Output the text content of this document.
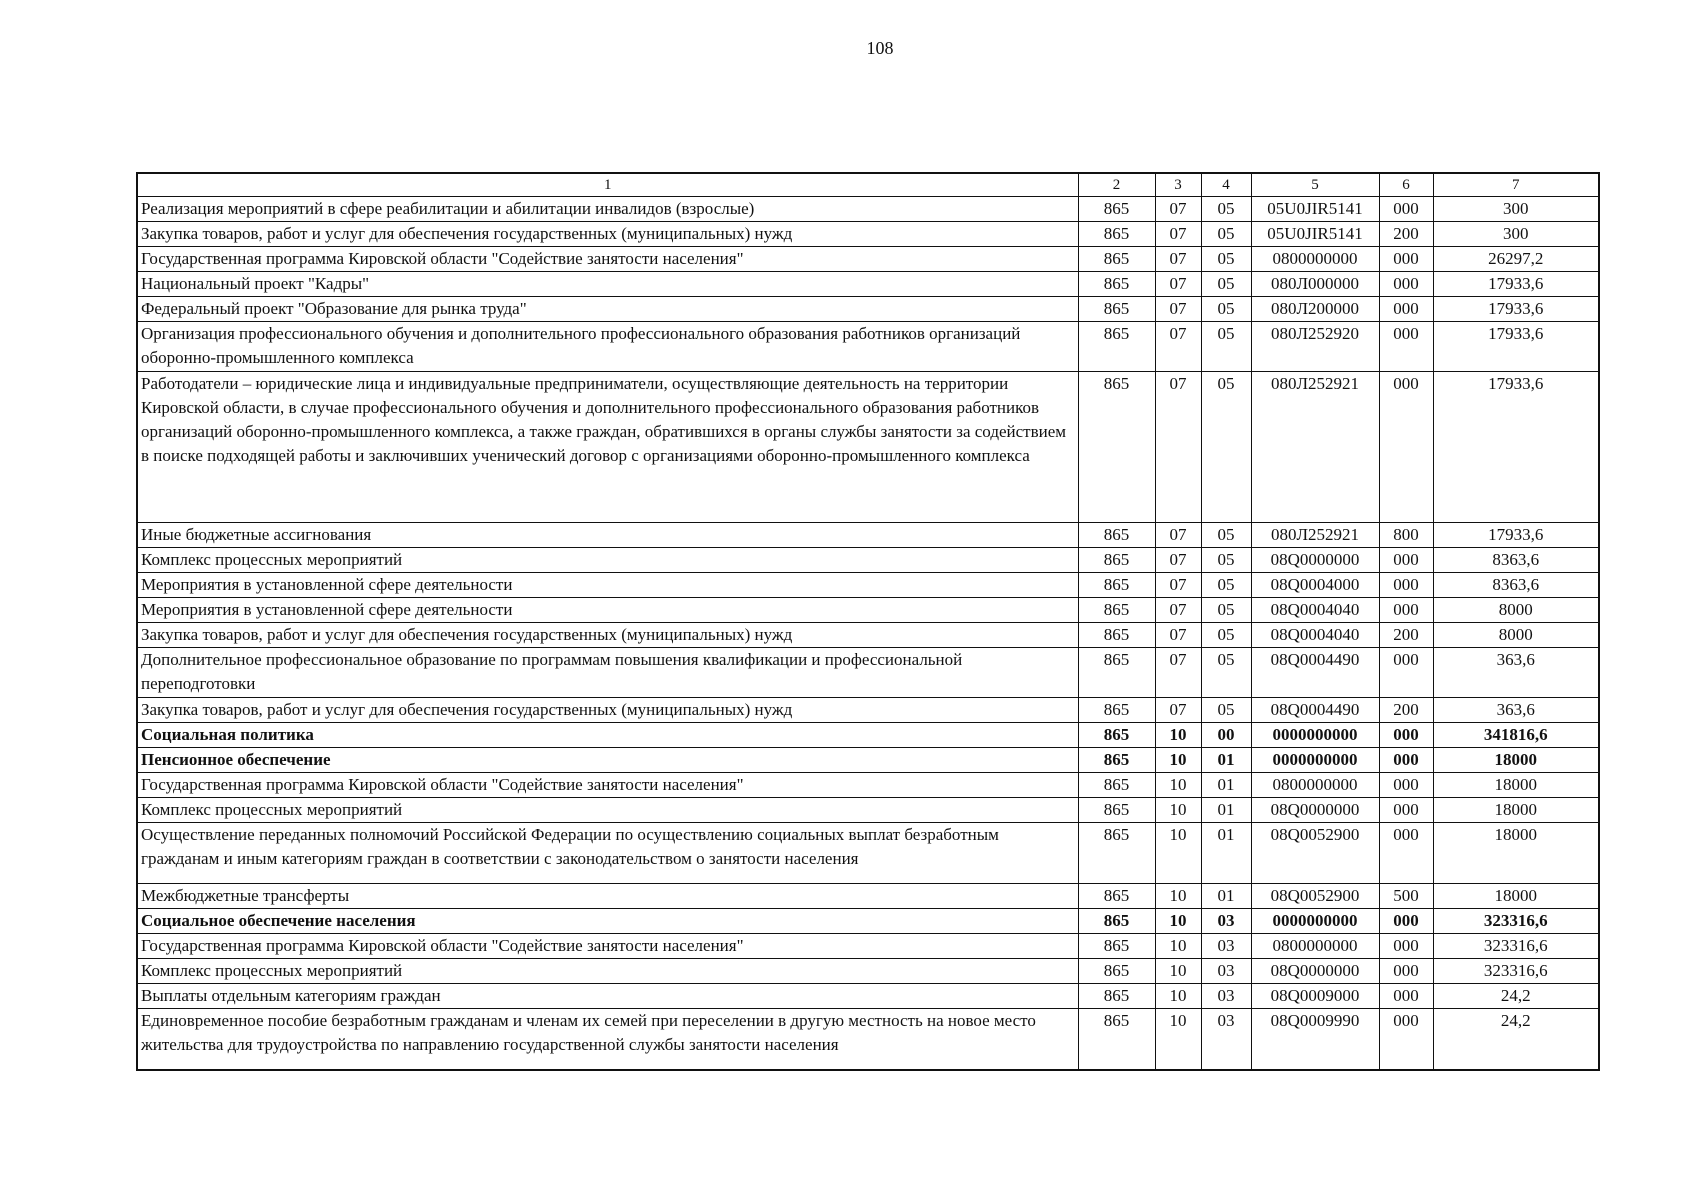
108
1	2	3	4	5	6	7
Реализация мероприятий в сфере реабилитации и абилитации инвалидов (взрослые)	865	07	05	05U0JIR5141	000	300
Закупка товаров, работ и услуг для обеспечения государственных (муниципальных) нужд	865	07	05	05U0JIR5141	200	300
Государственная программа Кировской области "Содействие занятости населения"	865	07	05	0800000000	000	26297,2
Национальный проект "Кадры"	865	07	05	080Л000000	000	17933,6
Федеральный проект "Образование для рынка труда"	865	07	05	080Л200000	000	17933,6
Организация профессионального обучения и дополнительного профессионального образования работников организаций оборонно-промышленного комплекса	865	07	05	080Л252920	000	17933,6
Работодатели – юридические лица и индивидуальные предприниматели, осуществляющие деятельность на территории Кировской области, в случае профессионального обучения и дополнительного профессионального образования работников организаций оборонно-промышленного комплекса, а также граждан, обратившихся в органы службы занятости за содействием в поиске подходящей работы и заключивших ученический договор с организациями оборонно-промышленного комплекса	865	07	05	080Л252921	000	17933,6
Иные бюджетные ассигнования	865	07	05	080Л252921	800	17933,6
Комплекс процессных мероприятий	865	07	05	08Q0000000	000	8363,6
Мероприятия в установленной сфере деятельности	865	07	05	08Q0004000	000	8363,6
Мероприятия в установленной сфере деятельности	865	07	05	08Q0004040	000	8000
Закупка товаров, работ и услуг для обеспечения государственных (муниципальных) нужд	865	07	05	08Q0004040	200	8000
Дополнительное профессиональное образование по программам повышения квалификации и профессиональной переподготовки	865	07	05	08Q0004490	000	363,6
Закупка товаров, работ и услуг для обеспечения государственных (муниципальных) нужд	865	07	05	08Q0004490	200	363,6
Социальная политика	865	10	00	0000000000	000	341816,6
Пенсионное обеспечение	865	10	01	0000000000	000	18000
Государственная программа Кировской области "Содействие занятости населения"	865	10	01	0800000000	000	18000
Комплекс процессных мероприятий	865	10	01	08Q0000000	000	18000
Осуществление переданных полномочий Российской Федерации по осуществлению социальных выплат безработным гражданам и иным категориям граждан в соответствии с законодательством о занятости населения	865	10	01	08Q0052900	000	18000
Межбюджетные трансферты	865	10	01	08Q0052900	500	18000
Социальное обеспечение населения	865	10	03	0000000000	000	323316,6
Государственная программа Кировской области "Содействие занятости населения"	865	10	03	0800000000	000	323316,6
Комплекс процессных мероприятий	865	10	03	08Q0000000	000	323316,6
Выплаты отдельным категориям граждан	865	10	03	08Q0009000	000	24,2
Единовременное пособие безработным гражданам и членам их семей при переселении в другую местность на новое место жительства для трудоустройства по направлению государственной службы занятости населения	865	10	03	08Q0009990	000	24,2
